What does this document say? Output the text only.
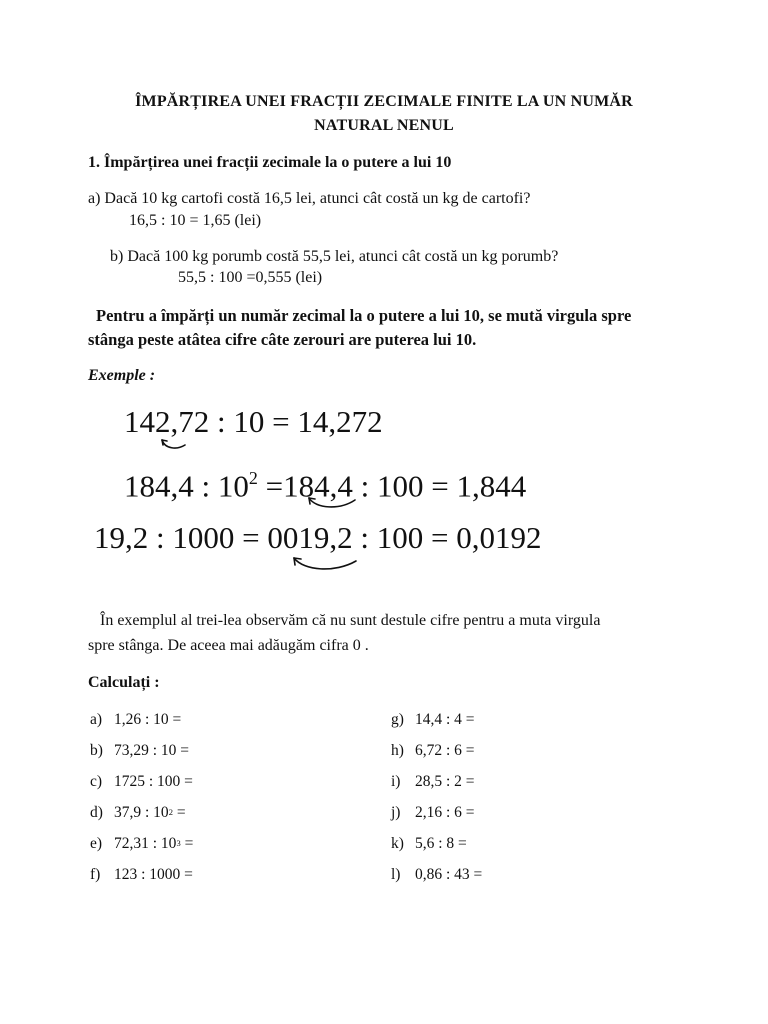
ÎMPĂRȚIREA UNEI FRACȚII ZECIMALE FINITE LA UN NUMĂR
NATURAL NENUL
1. Împărțirea unei fracții zecimale la o putere a lui 10
a) Dacă 10 kg cartofi costă 16,5 lei, atunci cât costă un kg de cartofi?
16,5 : 10 = 1,65 (lei)
b) Dacă 100 kg porumb costă 55,5 lei, atunci cât costă un kg porumb?
55,5 : 100 =0,555 (lei)
Pentru a împărți un număr zecimal la o putere a lui 10, se mută virgula spre
stânga peste atâtea cifre câte zerouri are puterea lui 10.
Exemple :
142,72 : 10 = 14,272
184,4 : $10^2 =184,4$ : 100 = 1,844
19,2 : 1000 = 0019,2 : 100 = 0,0192
În exemplul al trei-lea observăm că nu sunt destule cifre pentru a muta virgula
spre stânga. De aceea mai adăugăm cifra 0 .
Calculați :
a) 1,26 : 10 =
b) 73,29 : 10 =
c) 1725 : 100 =
d) 37,9 : 102 =
e) 72,31 : 103 =
f) 123 : 1000 =
g) 14,4 : 4 =
h) 6,72 : 6 =
i) 28,5 : 2 =
j) 2,16 : 6 =
k) 5,6 : 8 =
l) 0,86 : 43 =
